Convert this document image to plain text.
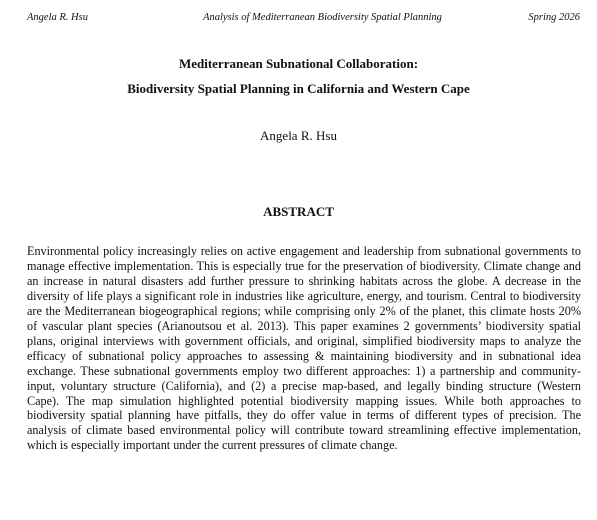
Angela R. Hsu	Analysis of Mediterranean Biodiversity Spatial Planning	Spring 2026

Mediterranean Subnational Collaboration:

Biodiversity Spatial Planning in California and Western Cape

Angela R. Hsu
ABSTRACT

Environmental policy increasingly relies on active engagement and leadership from subnational governments to manage effective implementation. This is especially true for the preservation of biodiversity. Climate change and an increase in natural disasters add further pressure to shrinking habitats across the globe. A decrease in the diversity of life plays a significant role in industries like agriculture, energy, and tourism. Central to biodiversity are the Mediterranean biogeographical regions; while comprising only 2% of the planet, this climate hosts 20% of vascular plant species (Arianoutsou et al. 2013). This paper examines 2 governments’ biodiversity spatial plans, original interviews with government officials, and original, simplified biodiversity maps to analyze the efficacy of subnational policy approaches to assessing & maintaining biodiversity and in subnational idea exchange. These subnational governments employ two different approaches: 1) a partnership and community-input, voluntary structure (California), and (2) a precise map-based, and legally binding structure (Western Cape). The map simulation highlighted potential biodiversity mapping issues. While both approaches to biodiversity spatial planning have pitfalls, they do offer value in terms of different types of precision. The analysis of climate based environmental policy will contribute toward streamlining effective implementation, which is especially important under the current pressures of climate change.
